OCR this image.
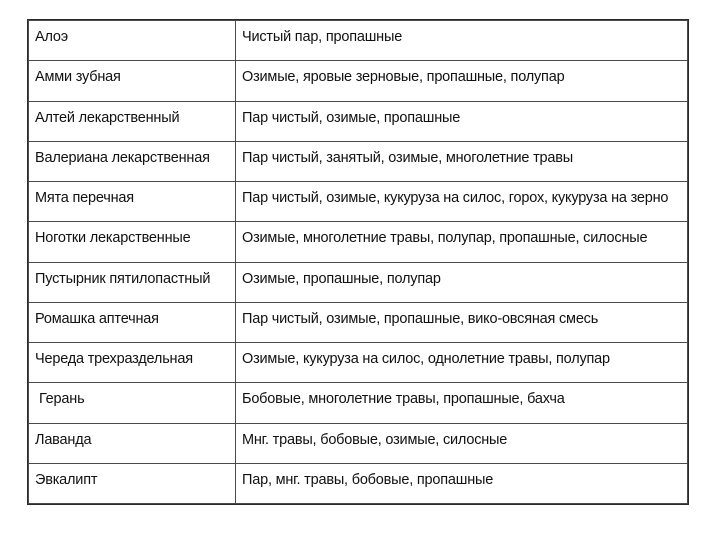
Алоэ	Чистый пар, пропашные
Амми зубная	Озимые, яровые зерновые, пропашные, полупар
Алтей лекарственный	Пар чистый, озимые, пропашные
Валериана лекарственная	Пар чистый, занятый, озимые, многолетние травы
Мята перечная	Пар чистый, озимые, кукуруза на силос, горох, кукуруза на зерно
Ноготки лекарственные	Озимые, многолетние травы, полупар, пропашные, силосные
Пустырник пятилопастный	Озимые, пропашные, полупар
Ромашка аптечная	Пар чистый, озимые, пропашные, вико-овсяная смесь
Череда трехраздельная	Озимые, кукуруза на силос, однолетние травы, полупар
Герань	Бобовые, многолетние травы, пропашные, бахча
Лаванда	Мнг. травы, бобовые, озимые, силосные
Эвкалипт	Пар, мнг. травы, бобовые, пропашные
